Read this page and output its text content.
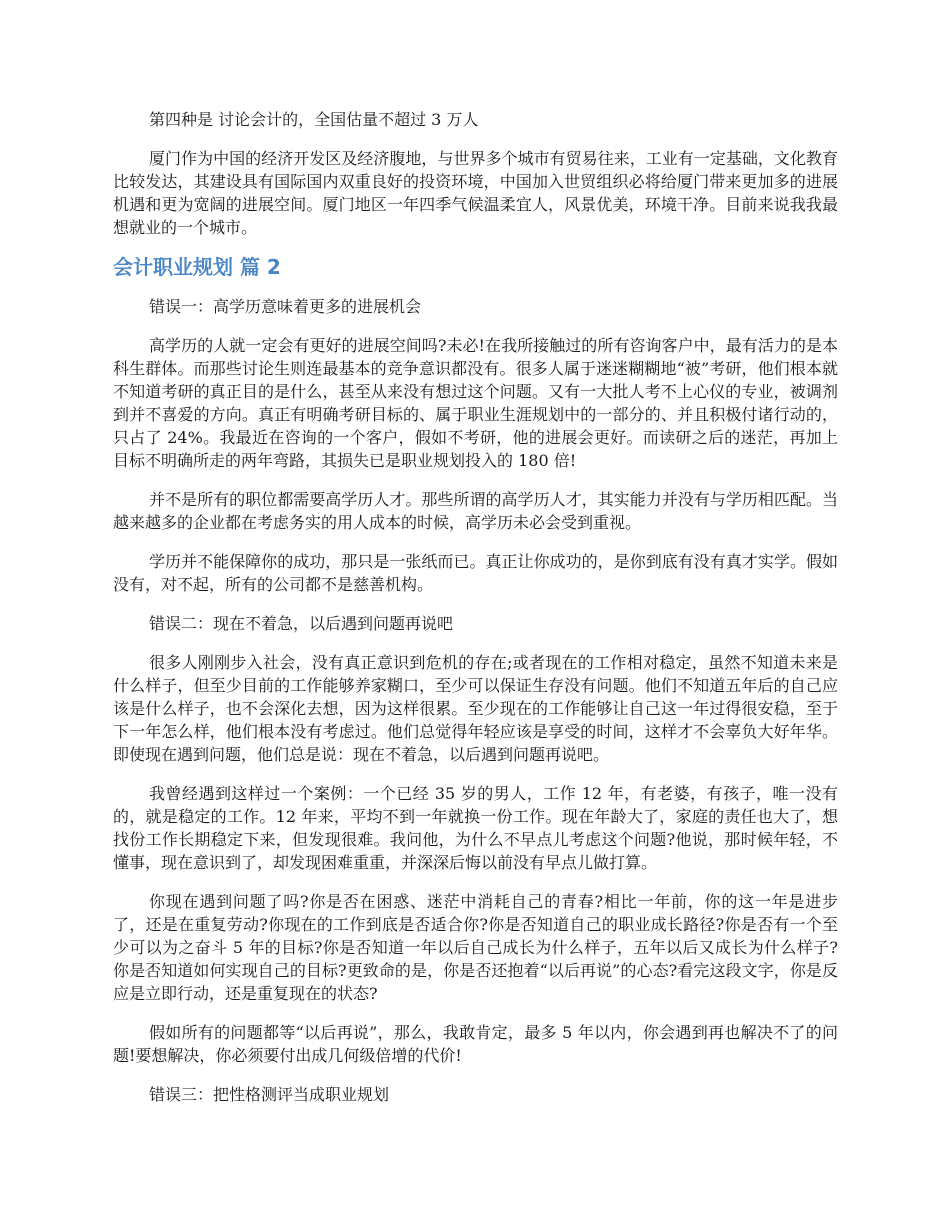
第四种是 讨论会计的，全国估量不超过 3 万人

厦门作为中国的经济开发区及经济腹地，与世界多个城市有贸易往来，工业有一定基础，文化教育比较发达，其建设具有国际国内双重良好的投资环境，中国加入世贸组织必将给厦门带来更加多的进展机遇和更为宽阔的进展空间。厦门地区一年四季气候温柔宜人，风景优美，环境干净。目前来说我我最想就业的一个城市。

会计职业规划 篇 2

错误一：高学历意味着更多的进展机会

高学历的人就一定会有更好的进展空间吗?未必!在我所接触过的所有咨询客户中，最有活力的是本科生群体。而那些讨论生则连最基本的竞争意识都没有。很多人属于迷迷糊糊地“被”考研，他们根本就不知道考研的真正目的是什么，甚至从来没有想过这个问题。又有一大批人考不上心仪的专业，被调剂到并不喜爱的方向。真正有明确考研目标的、属于职业生涯规划中的一部分的、并且积极付诸行动的，只占了 24%。我最近在咨询的一个客户，假如不考研，他的进展会更好。而读研之后的迷茫，再加上目标不明确所走的两年弯路，其损失已是职业规划投入的 180 倍!

并不是所有的职位都需要高学历人才。那些所谓的高学历人才，其实能力并没有与学历相匹配。当越来越多的企业都在考虑务实的用人成本的时候，高学历未必会受到重视。

学历并不能保障你的成功，那只是一张纸而已。真正让你成功的，是你到底有没有真才实学。假如没有，对不起，所有的公司都不是慈善机构。

错误二：现在不着急，以后遇到问题再说吧

很多人刚刚步入社会，没有真正意识到危机的存在;或者现在的工作相对稳定，虽然不知道未来是什么样子，但至少目前的工作能够养家糊口，至少可以保证生存没有问题。他们不知道五年后的自己应该是什么样子，也不会深化去想，因为这样很累。至少现在的工作能够让自己这一年过得很安稳，至于下一年怎么样，他们根本没有考虑过。他们总觉得年轻应该是享受的时间，这样才不会辜负大好年华。即使现在遇到问题，他们总是说：现在不着急，以后遇到问题再说吧。

我曾经遇到这样过一个案例：一个已经 35 岁的男人，工作 12 年，有老婆，有孩子，唯一没有的，就是稳定的工作。12 年来，平均不到一年就换一份工作。现在年龄大了，家庭的责任也大了，想找份工作长期稳定下来，但发现很难。我问他，为什么不早点儿考虑这个问题?他说，那时候年轻，不懂事，现在意识到了，却发现困难重重，并深深后悔以前没有早点儿做打算。

你现在遇到问题了吗?你是否在困惑、迷茫中消耗自己的青春?相比一年前，你的这一年是进步了，还是在重复劳动?你现在的工作到底是否适合你?你是否知道自己的职业成长路径?你是否有一个至少可以为之奋斗 5 年的目标?你是否知道一年以后自己成长为什么样子，五年以后又成长为什么样子?你是否知道如何实现自己的目标?更致命的是，你是否还抱着“以后再说”的心态?看完这段文字，你是反应是立即行动，还是重复现在的状态?

假如所有的问题都等“以后再说”，那么，我敢肯定，最多 5 年以内，你会遇到再也解决不了的问题!要想解决，你必须要付出成几何级倍增的代价!

错误三：把性格测评当成职业规划
